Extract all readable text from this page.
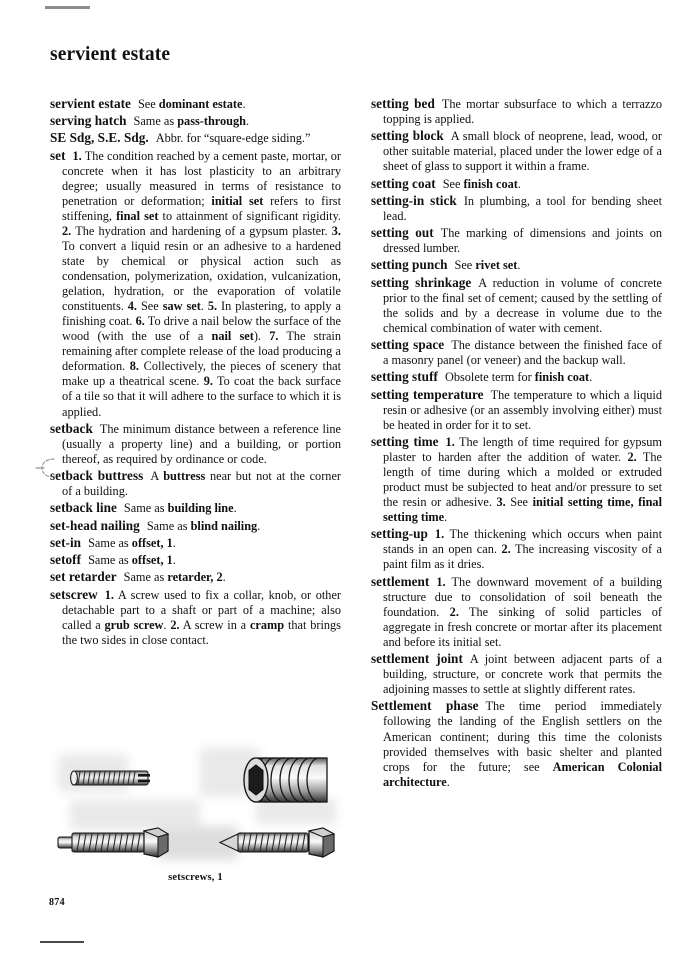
servient estate

servient estate See dominant estate.

serving hatch Same as pass-through.

SE Sdg, S.E. Sdg. Abbr. for “square-edge siding.”

set 1. The condition reached by a cement paste, mortar, or concrete when it has lost plasticity to an arbitrary degree; usually measured in terms of resistance to penetration or deformation; initial set refers to first stiffening, final set to attainment of significant rigidity. 2. The hydration and hardening of a gypsum plaster. 3. To convert a liquid resin or an adhesive to a hardened state by chemical or physical action such as condensation, polymerization, oxidation, vulcanization, gelation, hydration, or the evaporation of volatile constituents. 4. See saw set. 5. In plastering, to apply a finishing coat. 6. To drive a nail below the surface of the wood (with the use of a nail set). 7. The strain remaining after complete release of the load producing a deformation. 8. Collectively, the pieces of scenery that make up a theatrical scene. 9. To coat the back surface of a tile so that it will adhere to the surface to which it is applied.

setback The minimum distance between a reference line (usually a property line) and a building, or portion thereof, as required by ordinance or code.

setback buttress A buttress near but not at the corner of a building.

setback line Same as building line.

set-head nailing Same as blind nailing.

set-in Same as offset, 1.

setoff Same as offset, 1.

set retarder Same as retarder, 2.

setscrew 1. A screw used to fix a collar, knob, or other detachable part to a shaft or part of a machine; also called a grub screw. 2. A screw in a cramp that brings the two sides in close contact.

setting bed The mortar subsurface to which a terrazzo topping is applied.

setting block A small block of neoprene, lead, wood, or other suitable material, placed under the lower edge of a sheet of glass to support it within a frame.

setting coat See finish coat.

setting-in stick In plumbing, a tool for bending sheet lead.

setting out The marking of dimensions and joints on dressed lumber.

setting punch See rivet set.

setting shrinkage A reduction in volume of concrete prior to the final set of cement; caused by the settling of the solids and by a decrease in volume due to the chemical combination of water with cement.

setting space The distance between the finished face of a masonry panel (or veneer) and the backup wall.

setting stuff Obsolete term for finish coat.

setting temperature The temperature to which a liquid resin or adhesive (or an assembly involving either) must be heated in order for it to set.

setting time 1. The length of time required for gypsum plaster to harden after the addition of water. 2. The length of time during which a molded or extruded product must be subjected to heat and/or pressure to set the resin or adhesive. 3. See initial setting time, final setting time.

setting-up 1. The thickening which occurs when paint stands in an open can. 2. The increasing viscosity of a paint film as it dries.

settlement 1. The downward movement of a building structure due to consolidation of soil beneath the foundation. 2. The sinking of solid particles of aggregate in fresh concrete or mortar after its placement and before its initial set.

settlement joint A joint between adjacent parts of a building, structure, or concrete work that permits the adjoining masses to settle at slightly different rates.

Settlement phase The time period immediately following the landing of the English settlers on the American continent; during this time the colonists provided themselves with basic shelter and planted crops for the future; see American Colonial architecture.

setscrews, 1
874
